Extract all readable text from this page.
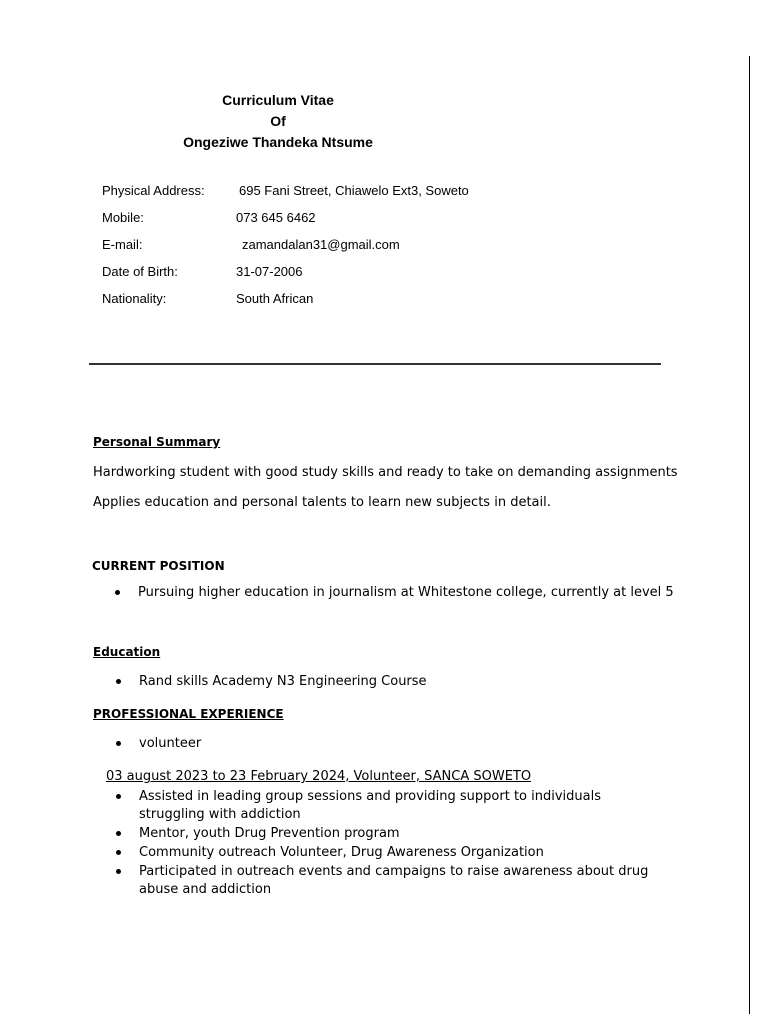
Curriculum Vitae
Of
Ongeziwe Thandeka Ntsume
Physical Address:	695 Fani Street, Chiawelo Ext3, Soweto
Mobile:	073 645 6462
E-mail:	zamandalan31@gmail.com
Date of Birth:	31-07-2006
Nationality:	South African
Personal Summary
Hardworking student with good study skills and ready to take on demanding assignments
Applies education and personal talents to learn new subjects in detail.
CURRENT POSITION
Pursuing higher education in journalism at Whitestone college, currently at level 5
Education
Rand skills Academy N3 Engineering Course
PROFESSIONAL EXPERIENCE
volunteer
03 august 2023 to 23 February 2024, Volunteer, SANCA SOWETO
Assisted in leading group sessions and providing support to individuals struggling with addiction
Mentor, youth Drug Prevention program
Community outreach Volunteer, Drug Awareness Organization
Participated in outreach events and campaigns to raise awareness about drug abuse and addiction
